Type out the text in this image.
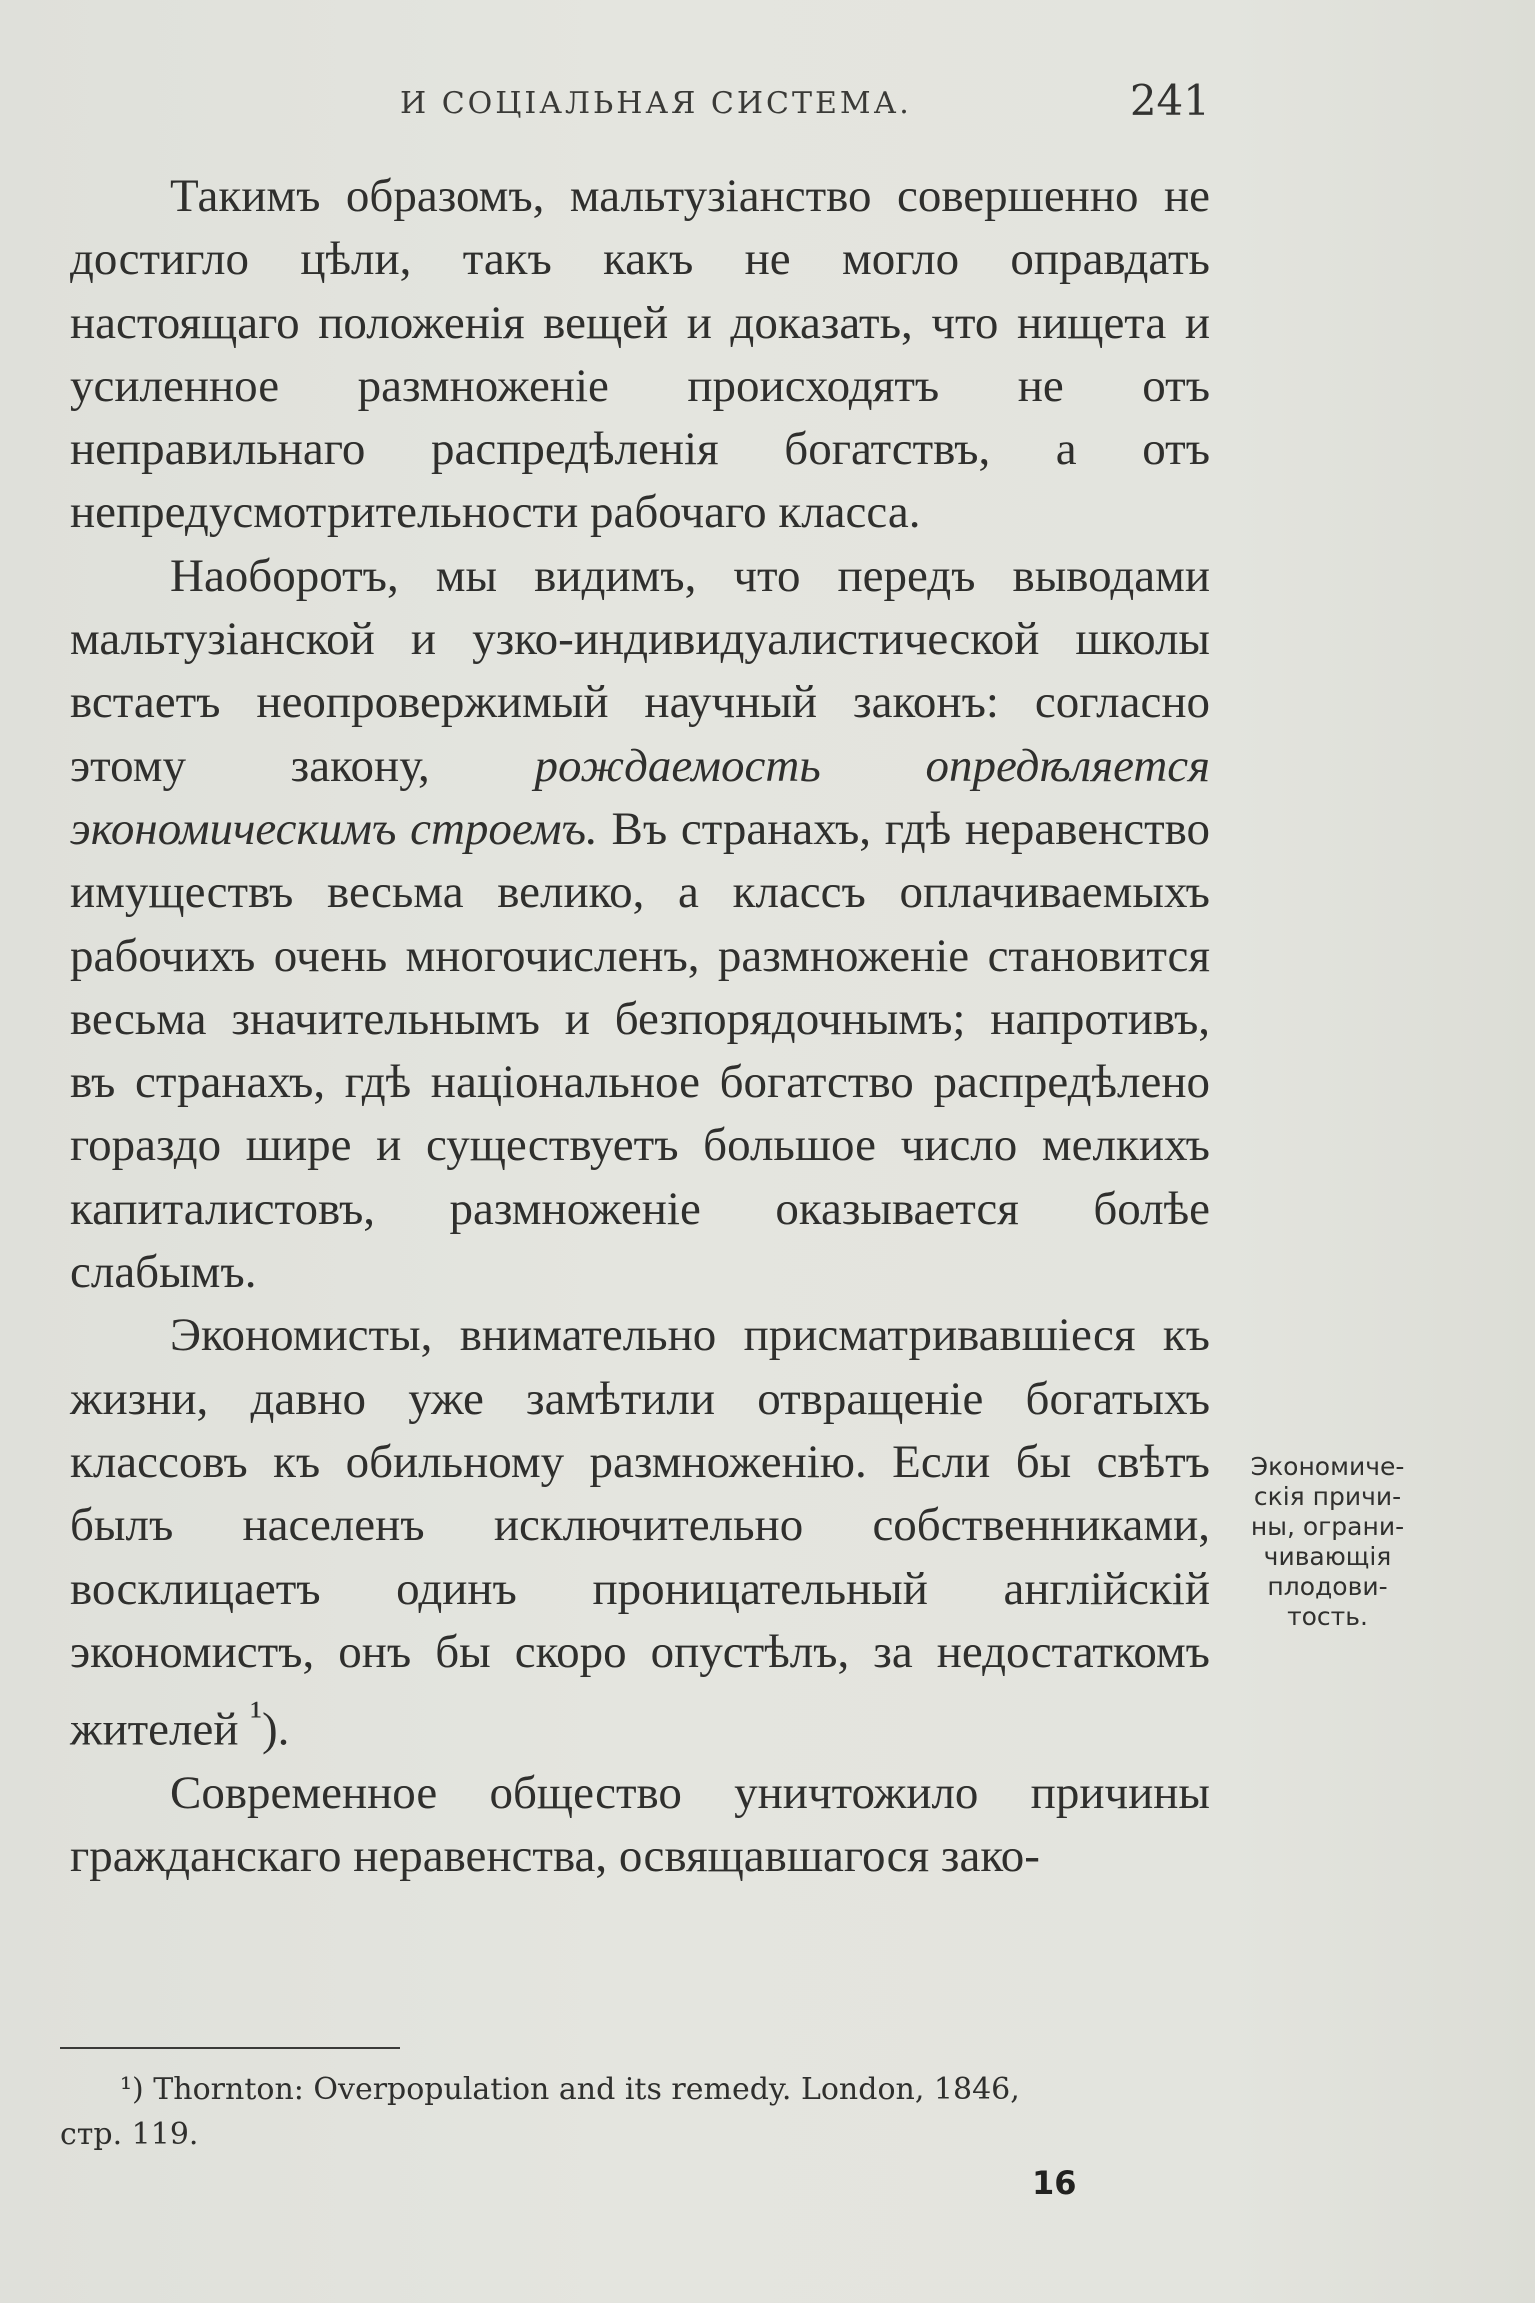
И СОЦІАЛЬНАЯ СИСТЕМА.	241

Такимъ образомъ, мальтузіанство совершенно не достигло цѣли, такъ какъ не могло оправдать настоящаго положенія вещей и доказать, что нищета и усиленное размноженіе происходятъ не отъ неправильнаго распредѣленія богатствъ, а отъ непредусмотрительности рабочаго класса.

Наоборотъ, мы видимъ, что передъ выводами мальтузіанской и узко-индивидуалистической школы встаетъ неопровержимый научный законъ: согласно этому закону, рождаемость опредѣляется экономическимъ строемъ. Въ странахъ, гдѣ неравенство имуществъ весьма велико, а классъ оплачиваемыхъ рабочихъ очень многочисленъ, размноженіе становится весьма значительнымъ и безпорядочнымъ; напротивъ, въ странахъ, гдѣ національное богатство распредѣлено гораздо шире и существуетъ большое число мелкихъ капиталистовъ, размноженіе оказывается болѣе слабымъ.

Экономисты, внимательно присматривавшіеся къ жизни, давно уже замѣтили отвращеніе богатыхъ классовъ къ обильному размноженію. Если бы свѣтъ былъ населенъ исключительно собственниками, восклицаетъ одинъ проницательный англійскій экономистъ, онъ бы скоро опустѣлъ, за недостаткомъ жителей $^{^1}$).

Современное общество уничтожило причины гражданскаго неравенства, освящавшагося зако-

Экономиче-
скія причи-
ны, ограни-
чивающія
плодови-
тость.
¹) Thornton: Overpopulation and its remedy. London, 1846,
стр. 119.
16
